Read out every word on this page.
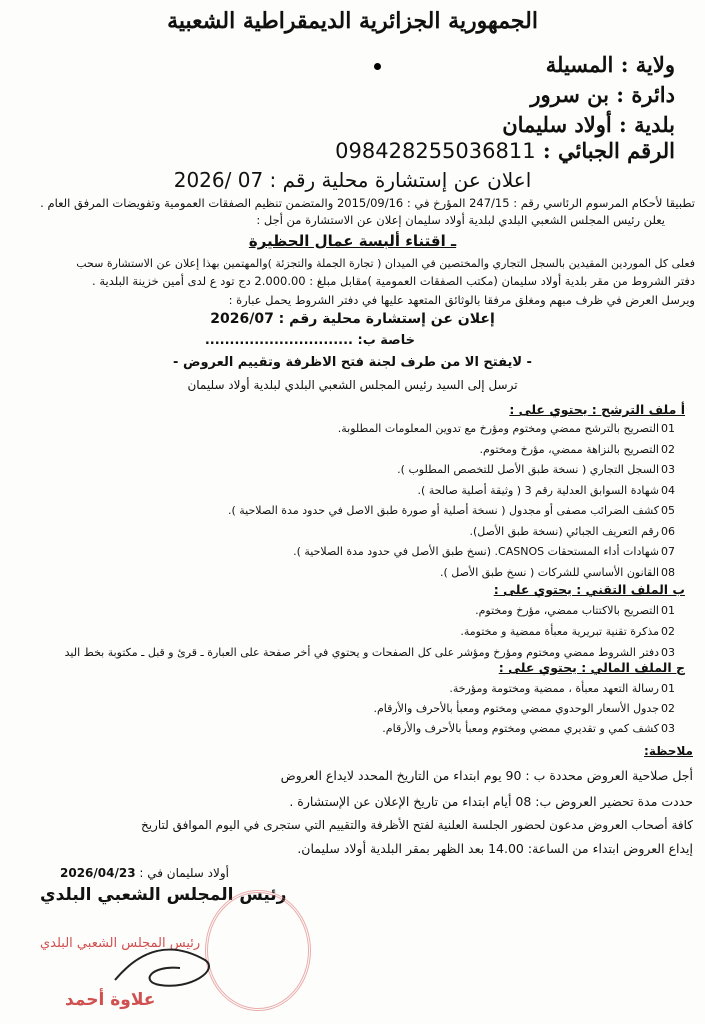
الجمهورية الجزائرية الديمقراطية الشعبية
ولاية : المسيلة
دائرة : بن سرور
بلدية : أولاد سليمان
الرقم الجبائي : 098428255036811
اعلان عن إستشارة محلية رقم : 2026/ 07
تطبيقا لأحكام المرسوم الرئاسي رقم : 247/15 المؤرخ في : 2015/09/16 والمتضمن تنظيم الصفقات العمومية وتفويضات المرفق العام .
يعلن رئيس المجلس الشعبي البلدي لبلدية أولاد سليمان إعلان عن الاستشارة من أجل :
ـ اقتناء ألبسة عمال الحظيرة
فعلى كل الموردين المقيدين بالسجل التجاري والمختصين في الميدان ( تجارة الجملة والتجزئة )والمهتمين بهذا إعلان عن الاستشارة سحب
دفتر الشروط من مقر بلدية أولاد سليمان (مكتب الصفقات العمومية )مقابل مبلغ : 2.000.00 دج تود ع لدى أمين خزينة البلدية .
ويرسل العرض في ظرف مبهم ومغلق مرفقا بالوثائق المتعهد عليها في دفتر الشروط يحمل عبارة :
إعلان عن إستشارة محلية رقم : 2026/07
خاصة ب: ..............................
- لايفتح الا من طرف لجنة فتح الاظرفة وتقييم العروض -
ترسل إلى السيد رئيس المجلس الشعبي البلدي لبلدية أولاد سليمان
أ ملف الترشح : يحتوي على :
01التصريح بالترشح ممضي ومختوم ومؤرخ مع تدوين المعلومات المطلوبة.
02التصريح بالنزاهة ممضي، مؤرخ ومختوم.
03السجل التجاري ( نسخة طبق الأصل للتخصص المطلوب ).
04شهادة السوابق العدلية رقم 3 ( وثيقة أصلية صالحة ).
05كشف الضرائب مصفى أو مجدول ( نسخة أصلية أو صورة طبق الاصل في حدود مدة الصلاحية ).
06رقم التعريف الجبائي (نسخة طبق الأصل).
07شهادات أداء المستحقات CASNOS. (نسخ طبق الأصل في حدود مدة الصلاحية ).
08القانون الأساسي للشركات ( نسخ طبق الأصل ).
ب الملف التقني : يحتوي على :
01التصريح بالاكتتاب ممضي، مؤرخ ومختوم.
02مذكرة تقنية تبريرية معبأة ممضية و مختومة.
03دفتر الشروط ممضي ومختوم ومؤرخ ومؤشر على كل الصفحات و يحتوي في أخر صفحة على العبارة ـ قرئ و قبل ـ مكتوبة بخط اليد
ج الملف المالي : يحتوي على :
01رسالة التعهد معبأة ، ممضية ومختومة ومؤرخة.
02جدول الأسعار الوحدوي ممضي ومختوم ومعبأ بالأحرف والأرقام.
03كشف كمي و تقديري ممضي ومختوم ومعبأ بالأحرف والأرقام.
ملاحظة:
أجل صلاحية العروض محددة ب : 90 يوم ابتداء من التاريخ المحدد لايداع العروض
حددت مدة تحضير العروض ب: 08 أيام ابتداء من تاريخ الإعلان عن الإستشارة .
كافة أصحاب العروض مدعون لحضور الجلسة العلنية لفتح الأظرفة والتقييم التي ستجرى في اليوم الموافق لتاريخ
إيداع العروض ابتداء من الساعة: 14.00 بعد الظهر بمقر البلدية أولاد سليمان.
أولاد سليمان في : 2026/04/23
رئيس المجلس الشعبي البلدي
رئيس المجلس الشعبي البلدي
علاوة أحمد
